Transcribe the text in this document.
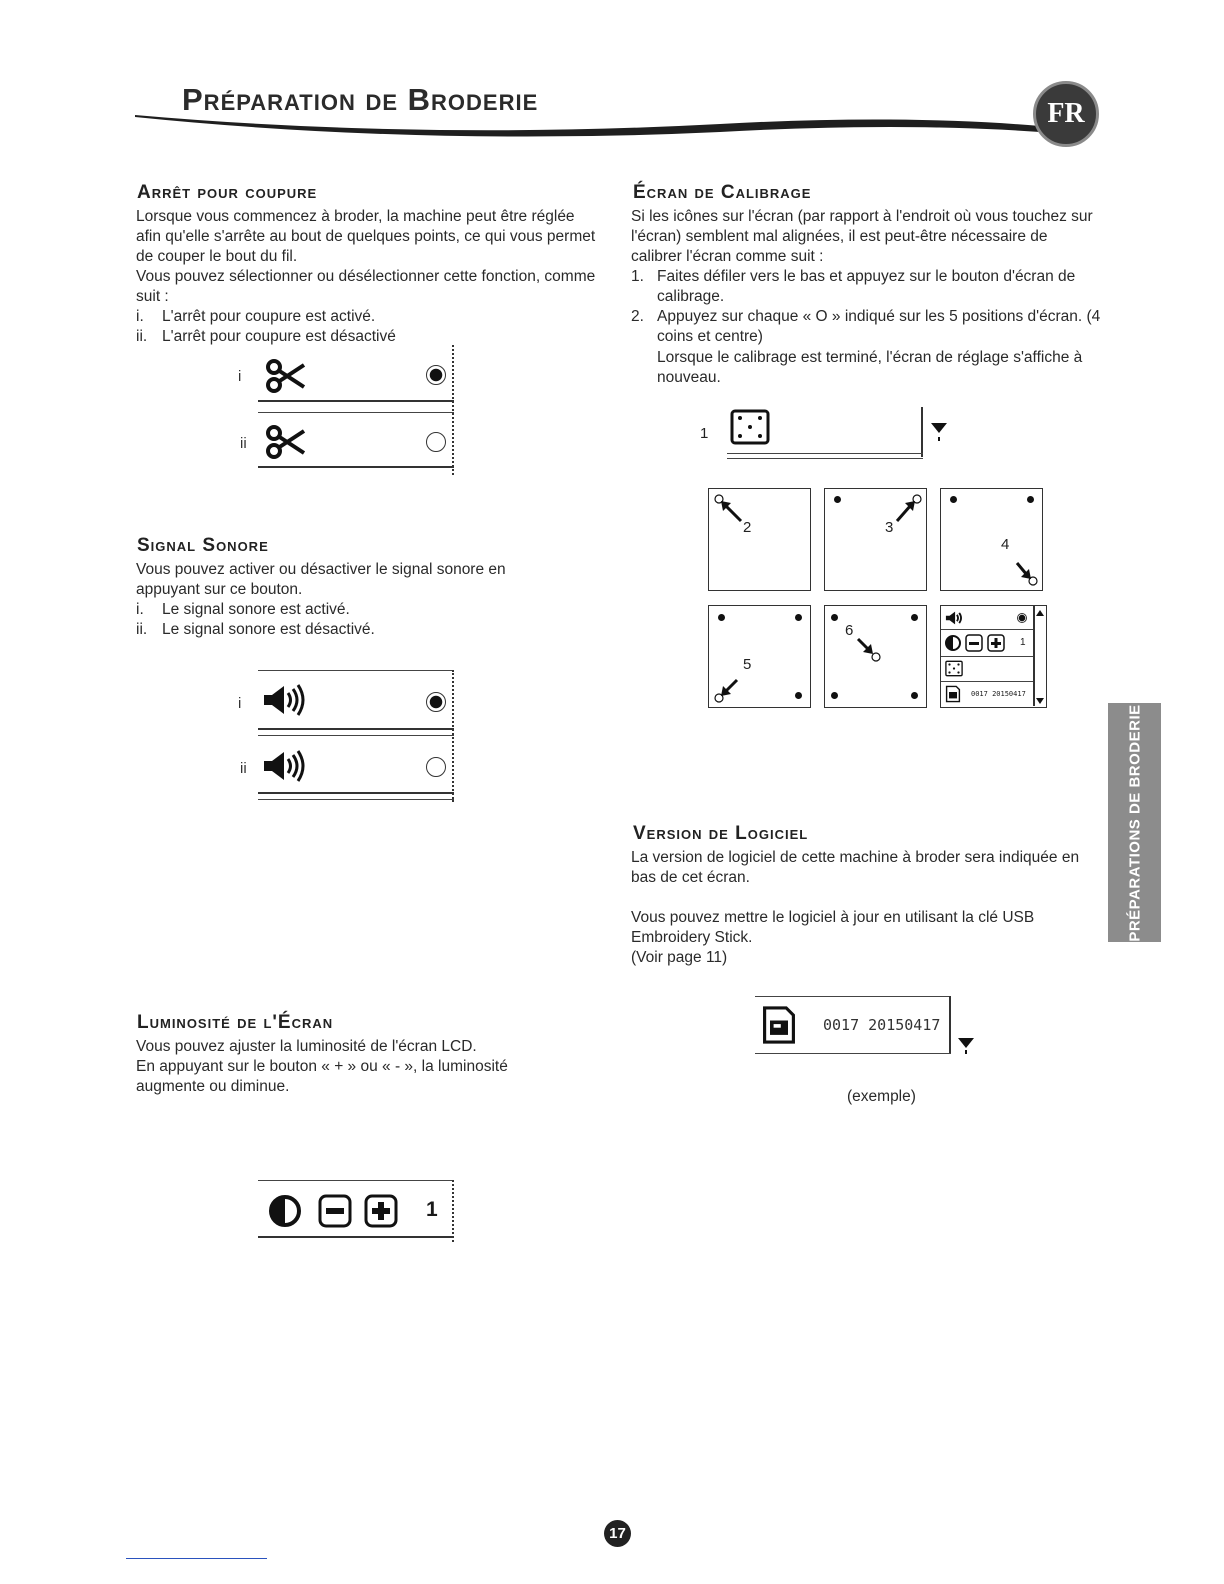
Préparation de Broderie	FR
Arrêt pour coupure
Lorsque vous commencez à broder, la machine peut être réglée afin qu'elle s'arrête au bout de quelques points, ce qui vous permet de couper le bout du fil.
Vous pouvez sélectionner ou désélectionner cette fonction, comme suit :
i.	L'arrêt pour coupure est activé.
ii. L'arrêt pour coupure est désactivé
i
ii
Signal Sonore
Vous pouvez activer ou désactiver le signal sonore en appuyant sur ce bouton.
i.	Le signal sonore est activé.
ii. Le signal sonore est désactivé.
i
ii
Luminosité de l'Écran
Vous pouvez ajuster la luminosité de l'écran LCD.
En appuyant sur le bouton « + » ou « - », la luminosité augmente ou diminue.
1
Écran de Calibrage
Si les icônes sur l'écran (par rapport à l'endroit où vous touchez sur l'écran) semblent mal alignées, il est peut-être nécessaire de calibrer l'écran comme suit :
1. Faites défiler vers le bas et appuyez sur le bouton d'écran de calibrage.
2. Appuyez sur chaque « O » indiqué sur les 5 positions d'écran. (4 coins et centre)
Lorsque le calibrage est terminé, l'écran de réglage s'affiche à nouveau.
1
2	3
4
5
6
1
0017 20150417
PRÉPARATIONS DE BRODERIE
Version de Logiciel
La version de logiciel de cette machine à broder sera indiquée en bas de cet écran.
Vous pouvez mettre le logiciel à jour en utilisant la clé USB Embroidery Stick.
(Voir page 11)
0017 20150417
(exemple)
17
